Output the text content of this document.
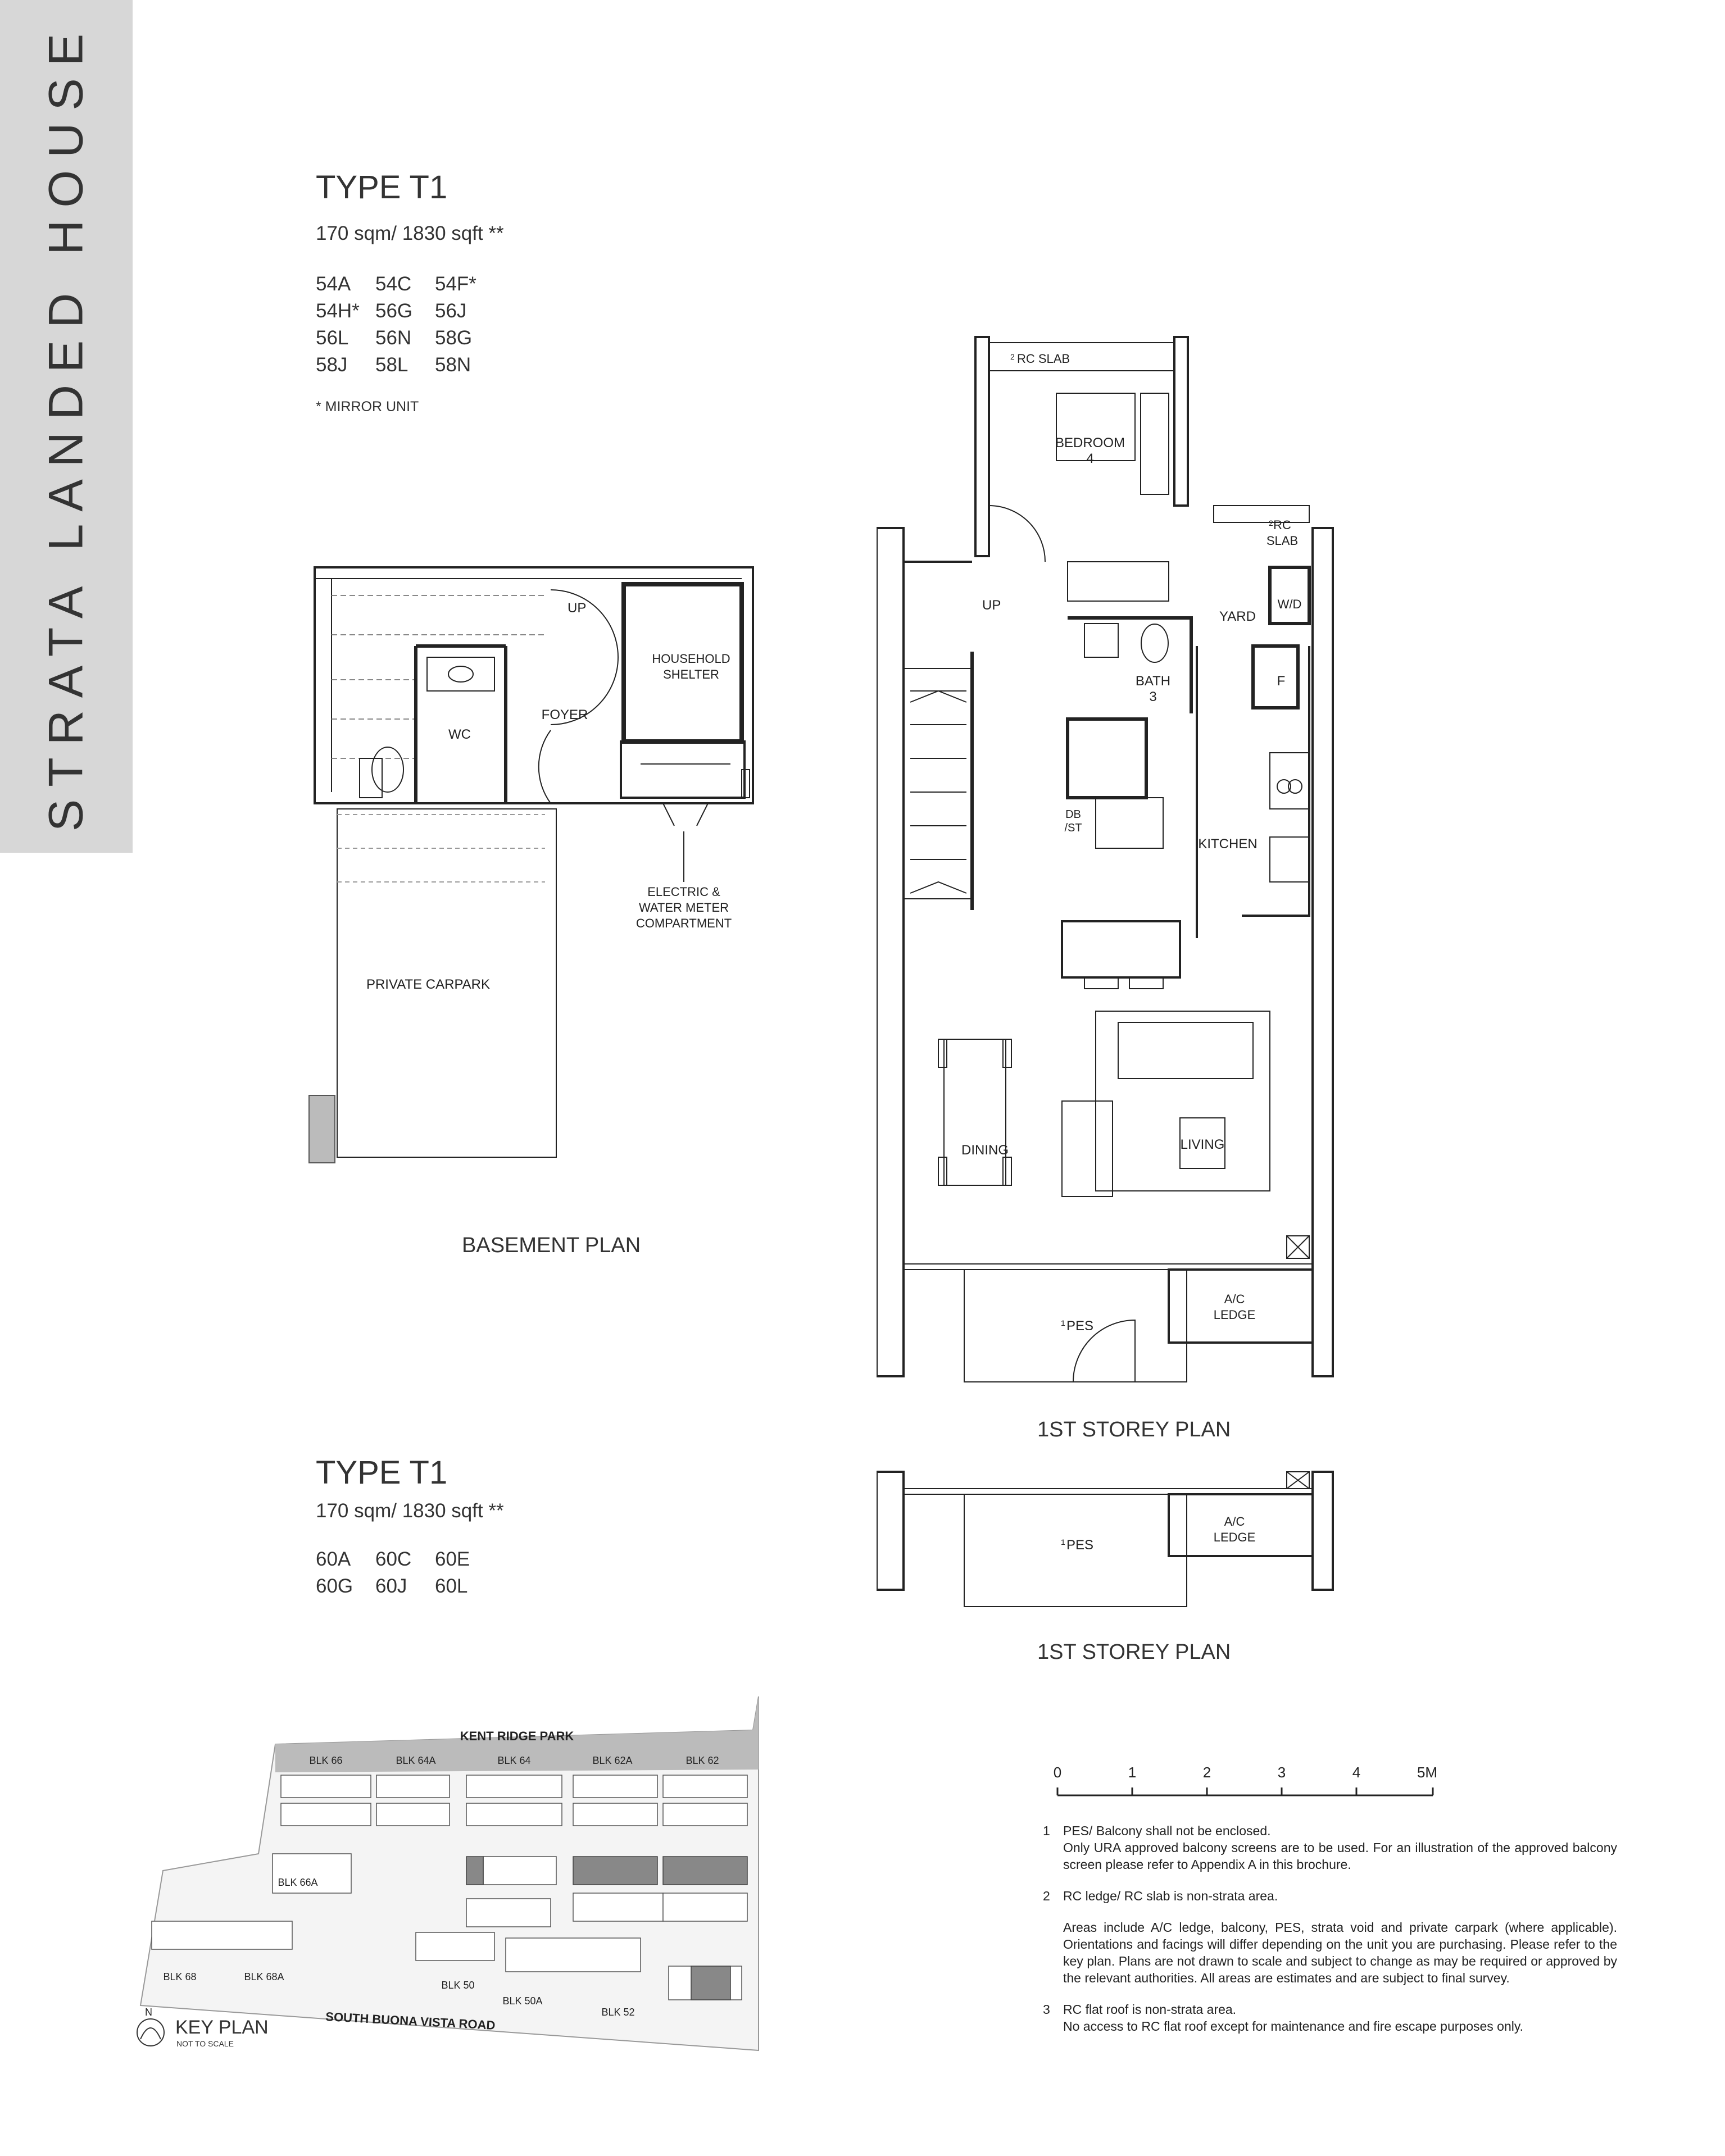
STRATA LANDED HOUSE	TYPE T1
170 sqm/ 1830 sqft **
54A	54C	54F*
54H* 56G	56J
56L	56N	58G
58J	58L	58N
* MIRROR UNIT
TYPE T1
170 sqm/ 1830 sqft **
60A	60C	60E
60G	60J	60L
UP
WC
FOYER
HOUSEHOLD
SHELTER
ELECTRIC &
WATER METER
COMPARTMENT
PRIVATE CARPARK
BASEMENT PLAN
2 RC SLAB
BEDROOM
4
2 RC
SLAB
UP
YARD
W/D
BATH
3
F
DB
/ST
KITCHEN
DINING	LIVING
A/C
LEDGE
1 PES
1ST STOREY PLAN
1 PES
A/C
LEDGE
1ST STOREY PLAN
KENT RIDGE PARK
BLK 66	BLK 64A	BLK 64	BLK 62A	BLK 62
BLK 66A
BLK 68	BLK 68A
BLK 50
BLK 50A
BLK 52
SOUTH BUONA VISTA ROAD
N
KEY PLAN
NOT TO SCALE
0	1	2	3	4	5M
1	PES/ Balcony shall not be enclosed.

Only URA approved balcony screens are to be used. For an illustration of the approved balcony screen please refer to Appendix A in this brochure.

2	RC ledge/ RC slab is non-strata area.

Areas include A/C ledge, balcony, PES, strata void and private carpark (where applicable). Orientations and facings will differ depending on the unit you are purchasing. Please refer to the key plan. Plans are not drawn to scale and subject to change as may be required or approved by the relevant authorities. All areas are estimates and are subject to final survey.

3	RC flat roof is non-strata area.

No access to RC flat roof except for maintenance and fire escape purposes only.
